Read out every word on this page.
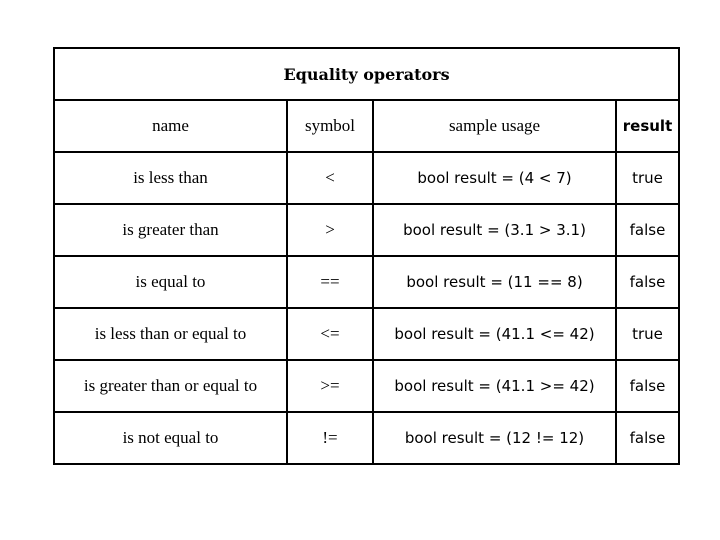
Equality operators			
name	symbol	sample usage	result
is less than	<	bool result = (4 < 7)	true
is greater than	>	bool result = (3.1 > 3.1)	false
is equal to	==	bool result = (11 == 8)	false
is less than or equal to	<=	bool result = (41.1 <= 42)	true
is greater than or equal to	>=	bool result = (41.1 >= 42)	false
is not equal to	!=	bool result = (12 != 12)	false
